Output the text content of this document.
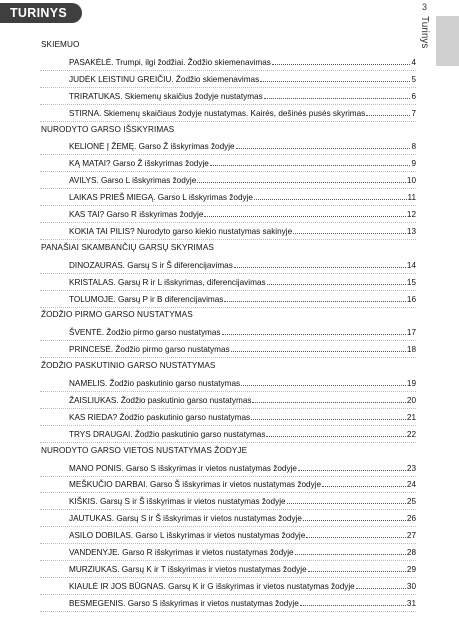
TURINYS	3
Turinys
SKIEMUO
PASAKĖLĖ. Trumpi, ilgi žodžiai. Žodžio skiemenavimas	4
JUDĖK LEISTINU GREIČIU. Žodžio skiemenavimas	5
TRIRATUKAS. Skiemenų skaičius žodyje nustatymas	6
STIRNA. Skiemenų skaičiaus žodyje nustatymas. Kairės, dešinės pusės skyrimas	7
NURODYTO GARSO IŠSKYRIMAS
KELIONĖ Į ŽEMĘ. Garso Ž išskyrimas žodyje	8
KĄ MATAI? Garso Ž išskyrimas žodyje	9
AVILYS. Garso L išskyrimas žodyje	10
LAIKAS PRIEŠ MIEGĄ. Garso L išskyrimas žodyje	11
KAS TAI? Garso R išskyrimas žodyje	12
KOKIA TAI PILIS? Nurodyto garso kiekio nustatymas sakinyje	13
PANAŠIAI SKAMBANČIŲ GARSŲ SKYRIMAS
DINOZAURAS. Garsų S ir Š diferencijavimas	14
KRISTALAS. Garsų R ir L išskyrimas, diferencijavimas	15
TOLUMOJE. Garsų P ir B diferencijavimas	16
ŽODŽIO PIRMO GARSO NUSTATYMAS
ŠVENTĖ. Žodžio pirmo garso nustatymas	17
PRINCESĖ. Žodžio pirmo garso nustatymas	18
ŽODŽIO PASKUTINIO GARSO NUSTATYMAS
NAMELIS. Žodžio paskutinio garso nustatymas	19
ŽAISLIUKAS. Žodžio paskutinio garso nustatymas	20
KAS RIEDA? Žodžio paskutinio garso nustatymas	21
TRYS DRAUGAI. Žodžio paskutinio garso nustatymas	22
NURODYTO GARSO VIETOS NUSTATYMAS ŽODYJE
MANO PONIS. Garso S išskyrimas ir vietos nustatymas žodyje	23
MEŠKUČIO DARBAI. Garso Š išskyrimas ir vietos nustatymas žodyje	24
KIŠKIS. Garsų S ir Š išskyrimas ir vietos nustatymas žodyje	25
JAUTUKAS. Garsų S ir Š išskyrimas ir vietos nustatymas žodyje	26
ASILO DOBILAS. Garso L išskyrimas ir vietos nustatymas žodyje	27
VANDENYJE. Garso R išskyrimas ir vietos nustatymas žodyje	28
MURZIUKAS. Garsų K ir T išskyrimas ir vietos nustatymas žodyje	29
KIAULĖ IR JOS BŪGNAS. Garsų K ir G išskyrimas ir vietos nustatymas žodyje	30
BESMEGENIS. Garso S išskyrimas ir vietos nustatymas žodyje	31
